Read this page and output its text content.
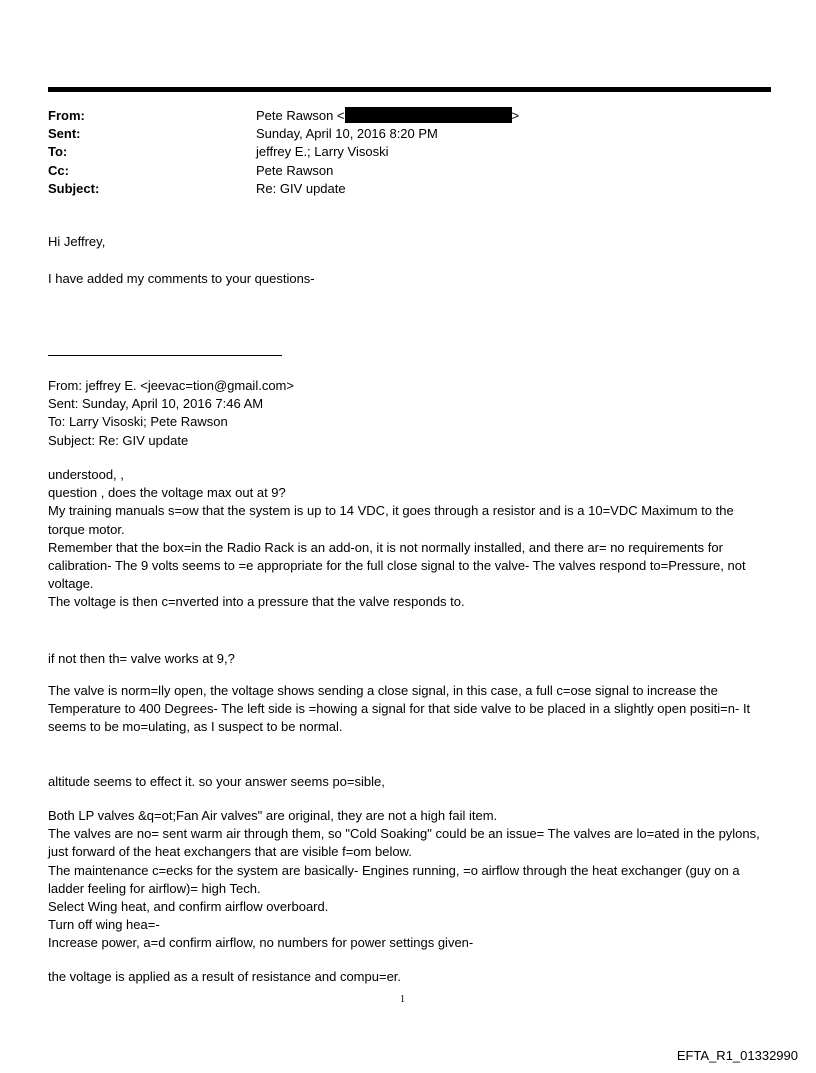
From:	Pete Rawson <	>
Sent:	Sunday, April 10, 2016 8:20 PM
To:	jeffrey E.; Larry Visoski
Cc:	Pete Rawson
Subject:	Re: GIV update

Hi Jeffrey,

I have added my comments to your questions-

From: jeffrey E. <jeevac=tion@gmail.com>

Sent: Sunday, April 10, 2016 7:46 AM

To: Larry Visoski; Pete Rawson

Subject: Re: GIV update

understood, ,

question , does the voltage max out at 9?

My training manuals s=ow that the system is up to 14 VDC, it goes through a resistor and is a 10=VDC Maximum to the torque motor.

Remember that the box=in the Radio Rack is an add-on, it is not normally installed, and there ar= no requirements for calibration- The 9 volts seems to =e appropriate for the full close signal to the valve- The valves respond to=Pressure, not voltage.

The voltage is then c=nverted into a pressure that the valve responds to.

if not then th= valve works at 9,?

The valve is norm=lly open, the voltage shows sending a close signal, in this case, a full c=ose signal to increase the Temperature to 400 Degrees- The left side is =howing a signal for that side valve to be placed in a slightly open positi=n- It seems to be mo=ulating, as I suspect to be normal.

altitude seems to effect it. so your answer seems po=sible,

Both LP valves &q=ot;Fan Air valves" are original, they are not a high fail item.

The valves are no= sent warm air through them, so "Cold Soaking" could be an issue= The valves are lo=ated in the pylons, just forward of the heat exchangers that are visible f=om below.

The maintenance c=ecks for the system are basically- Engines running, =o airflow through the heat exchanger (guy on a ladder feeling for airflow)= high Tech.

Select Wing heat, and confirm airflow overboard.

Turn off wing hea=-

Increase power, a=d confirm airflow, no numbers for power settings given-

the voltage is applied as a result of resistance and compu=er.

1
EFTA_R1_01332990
